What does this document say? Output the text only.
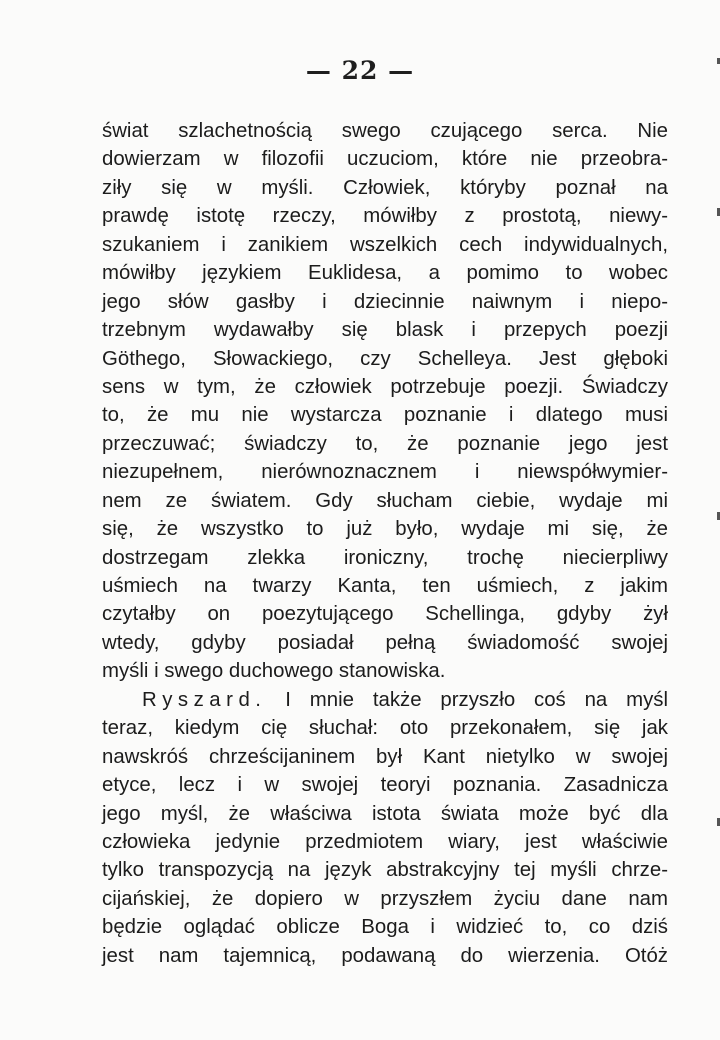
— 22 —
świat szlachetnością swego czującego serca. Nie
dowierzam w filozofii uczuciom, które nie przeobra-
ziły się w myśli. Człowiek, któryby poznał na
prawdę istotę rzeczy, mówiłby z prostotą, niewy-
szukaniem i zanikiem wszelkich cech indywidualnych,
mówiłby językiem Euklidesa, a pomimo to wobec
jego słów gasłby i dziecinnie naiwnym i niepo-
trzebnym wydawałby się blask i przepych poezji
Göthego, Słowackiego, czy Schelleya. Jest głęboki
sens w tym, że człowiek potrzebuje poezji. Świadczy
to, że mu nie wystarcza poznanie i dlatego musi
przeczuwać; świadczy to, że poznanie jego jest
niezupełnem, nierównoznacznem i niewspółwymier-
nem ze światem. Gdy słucham ciebie, wydaje mi
się, że wszystko to już było, wydaje mi się, że
dostrzegam zlekka ironiczny, trochę niecierpliwy
uśmiech na twarzy Kanta, ten uśmiech, z jakim
czytałby on poezytującego Schellinga, gdyby żył
wtedy, gdyby posiadał pełną świadomość swojej
myśli i swego duchowego stanowiska.
Ryszard. I mnie także przyszło coś na myśl
teraz, kiedym cię słuchał: oto przekonałem, się jak
nawskróś chrześcijaninem był Kant nietylko w swojej
etyce, lecz i w swojej teoryi poznania. Zasadnicza
jego myśl, że właściwa istota świata może być dla
człowieka jedynie przedmiotem wiary, jest właściwie
tylko transpozycją na język abstrakcyjny tej myśli chrze-
cijańskiej, że dopiero w przyszłem życiu dane nam
będzie oglądać oblicze Boga i widzieć to, co dziś
jest nam tajemnicą, podawaną do wierzenia. Otóż
